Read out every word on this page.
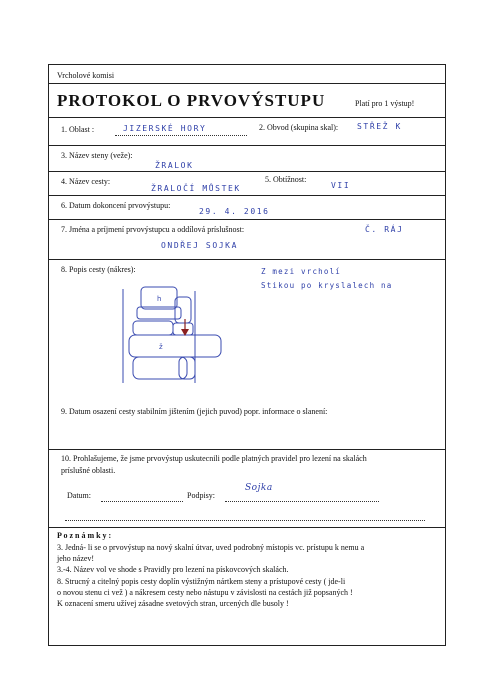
Vrcholové komisi
PROTOKOL O PRVOVÝSTUPU	Platí pro 1 výstup!
1. Oblast :	JIZERSKÉ HORY	2. Obvod (skupina skal): STŘEŽ K
3. Název steny (veže):
ŽRALOK
4. Název cesty:
ŽRALOČÍ MŮSTEK
5. Obtížnost:
VII
6. Datum dokoncení prvovýstupu:
29. 4. 2016
7. Jména a príjmení prvovýstupcu a oddílová príslušnost:	Č. RÁJ
ONDŘEJ SOJKA
8. Popis cesty (nákres):	Z mezi vrcholí
Stikou po kryslalech na
h
ž
9. Datum osazení cesty stabilním jištením (jejich puvod) popr. informace o slanení:
10. Prohlašujeme, že jsme prvovýstup uskutecnili podle platných pravidel pro lezení na skalách
príslušné oblasti.
Datum:	Podpisy:
Sojka
P o z n á m k y :
3. Jedná- li se o prvovýstup na nový skalní útvar, uved podrobný místopis vc. prístupu k nemu a
jeho název!
3.-4. Název vol ve shode s Pravidly pro lezení na pískovcových skalách.
8. Strucný a citelný popis cesty doplín výstižným nártkem steny a prístupové cesty ( jde-li
o novou stenu ci vež ) a nákresem cesty nebo nástupu v závislosti na cestách již popsaných !
K oznacení smeru užívej zásadne svetových stran, urcených dle busoly !
